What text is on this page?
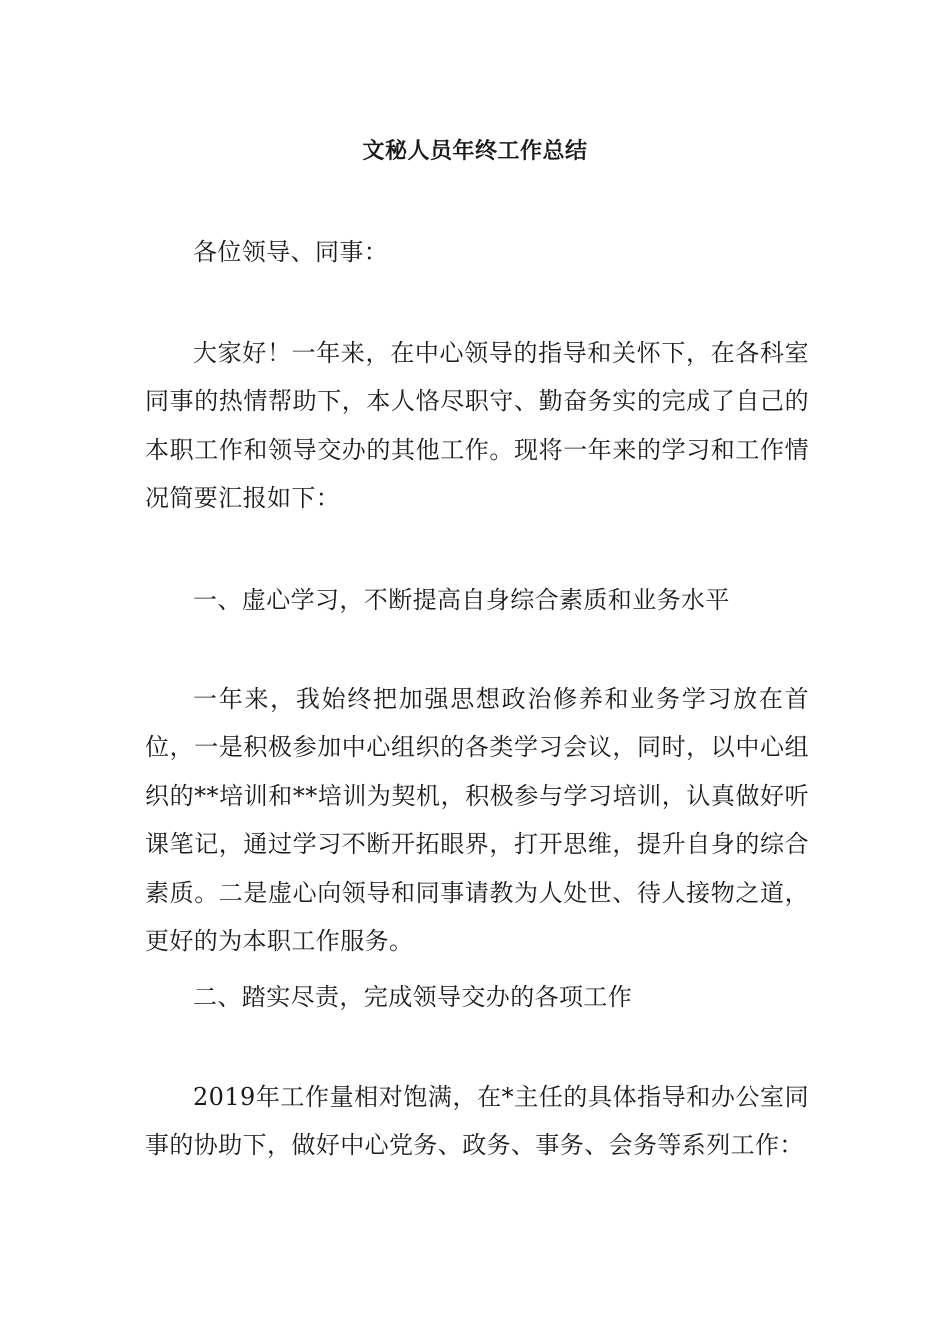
文秘人员年终工作总结

各位领导、同事：

大家好！一年来，在中心领导的指导和关怀下，在各科室同事的热情帮助下，本人恪尽职守、勤奋务实的完成了自己的本职工作和领导交办的其他工作。现将一年来的学习和工作情况简要汇报如下：

一、虚心学习，不断提高自身综合素质和业务水平

一年来，我始终把加强思想政治修养和业务学习放在首位，一是积极参加中心组织的各类学习会议，同时，以中心组织的**培训和**培训为契机，积极参与学习培训，认真做好听课笔记，通过学习不断开拓眼界，打开思维，提升自身的综合素质。二是虚心向领导和同事请教为人处世、待人接物之道，更好的为本职工作服务。

二、踏实尽责，完成领导交办的各项工作

2019年工作量相对饱满，在*主任的具体指导和办公室同事的协助下，做好中心党务、政务、事务、会务等系列工作：
